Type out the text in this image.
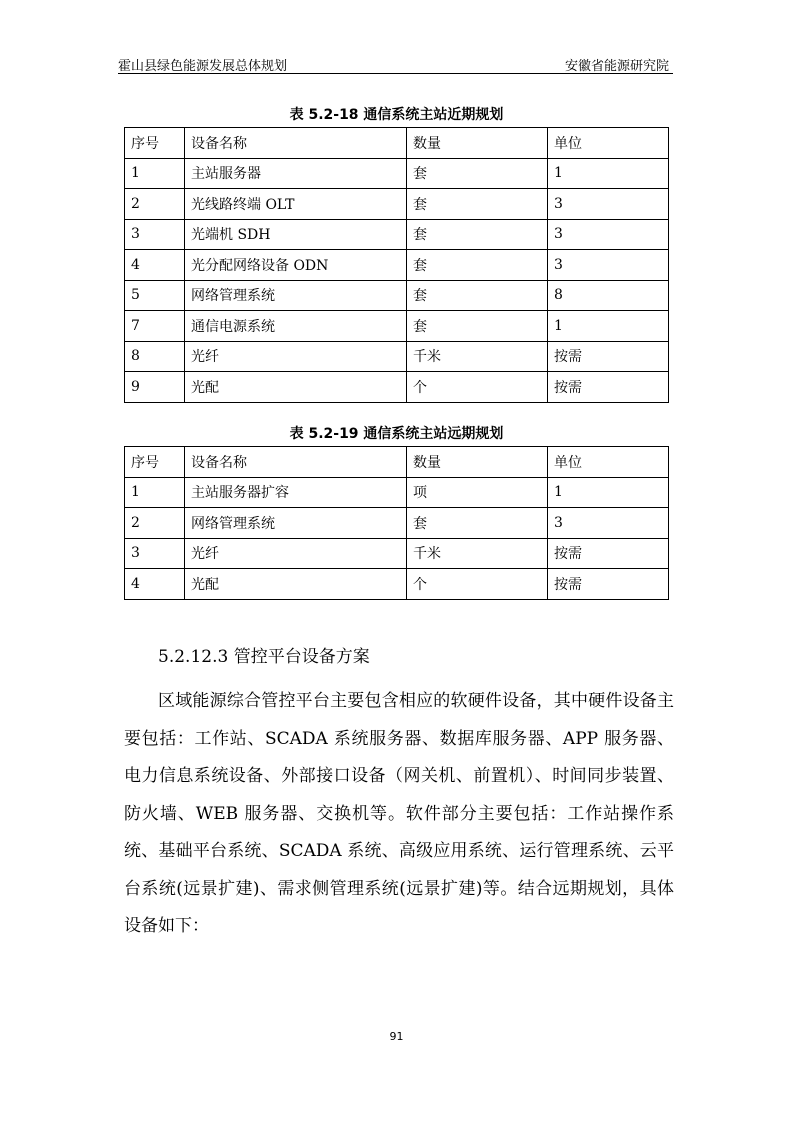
霍山县绿色能源发展总体规划	安徽省能源研究院
表 5.2-18 通信系统主站近期规划
序号	设备名称	数量	单位
1	主站服务器	套	1
2	光线路终端 OLT	套	3
3	光端机 SDH	套	3
4	光分配网络设备 ODN	套	3
5	网络管理系统	套	8
7	通信电源系统	套	1
8	光纤	千米	按需
9	光配	个	按需
表 5.2-19 通信系统主站远期规划
序号	设备名称	数量	单位
1	主站服务器扩容	项	1
2	网络管理系统	套	3
3	光纤	千米	按需
4	光配	个	按需
5.2.12.3 管控平台设备方案

区域能源综合管控平台主要包含相应的软硬件设备，其中硬件设备主要包括：工作站、SCADA 系统服务器、数据库服务器、APP 服务器、电力信息系统设备、外部接口设备（网关机、前置机）、时间同步装置、防火墙、WEB 服务器、交换机等。软件部分主要包括：工作站操作系统、基础平台系统、SCADA 系统、高级应用系统、运行管理系统、云平台系统(远景扩建)、需求侧管理系统(远景扩建)等。结合远期规划，具体设备如下：

91
